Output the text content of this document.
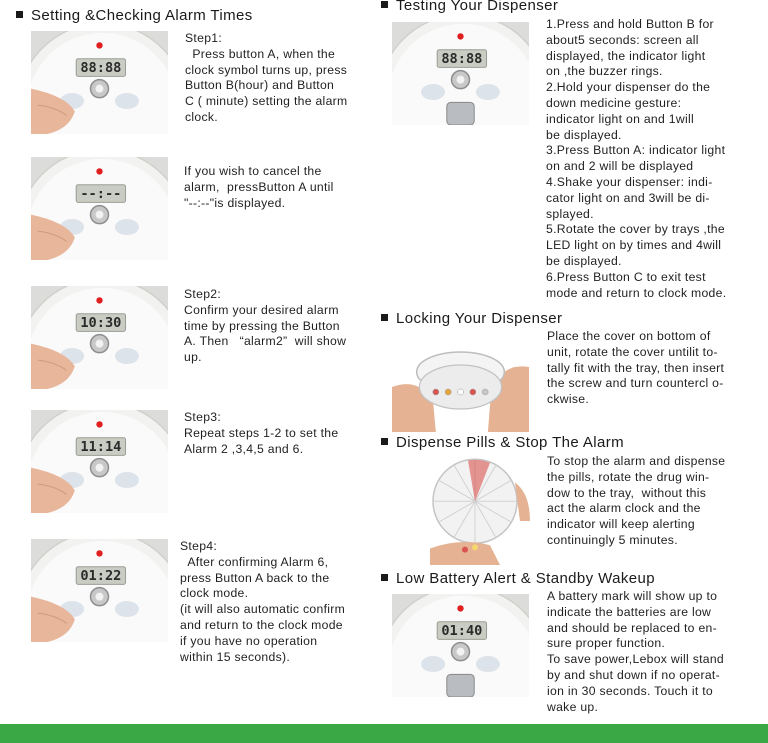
Setting &Checking Alarm Times
88:88
--:--
10:30
11:14
01:22

Step1:

Press button A, when the

clock symbol turns up, press

Button B(hour) and Button

C ( minute) setting the alarm

clock.

If you wish to cancel the

alarm,  pressButton A until

"--:--"is displayed.

Step2:

Confirm your desired alarm

time by pressing the Button

A. Then   “alarm2”  will show

up.

Step3:

Repeat steps 1-2 to set the

Alarm 2 ,3,4,5 and 6.

Step4:

After confirming Alarm 6,

press Button A back to the

clock mode.

(it will also automatic confirm

and return to the clock mode

if you have no operation

within 15 seconds).

Testing Your Dispenser
88:88

1.Press and hold Button B for

about5 seconds: screen all

displayed, the indicator light

on ,the buzzer rings.

2.Hold your dispenser do the

down medicine gesture:

indicator light on and 1will

be displayed.

3.Press Button A: indicator light

on and 2 will be displayed

4.Shake your dispenser: indi-

cator light on and 3will be di-

splayed.

5.Rotate the cover by trays ,the

LED light on by times and 4will

be displayed.

6.Press Button C to exit test

mode and return to clock mode.

Locking Your Dispenser

Place the cover on bottom of

unit, rotate the cover untilit to-

tally fit with the tray, then insert

the screw and turn countercl o-

ckwise.

Dispense Pills & Stop The Alarm

To stop the alarm and dispense

the pills, rotate the drug win-

dow to the tray,  without this

act the alarm clock and the

indicator will keep alerting

continuingly 5 minutes.

Low Battery Alert & Standby Wakeup
01:40

A battery mark will show up to

indicate the batteries are low

and should be replaced to en-

sure proper function.

To save power,Lebox will stand

by and shut down if no operat-

ion in 30 seconds. Touch it to

wake up.
